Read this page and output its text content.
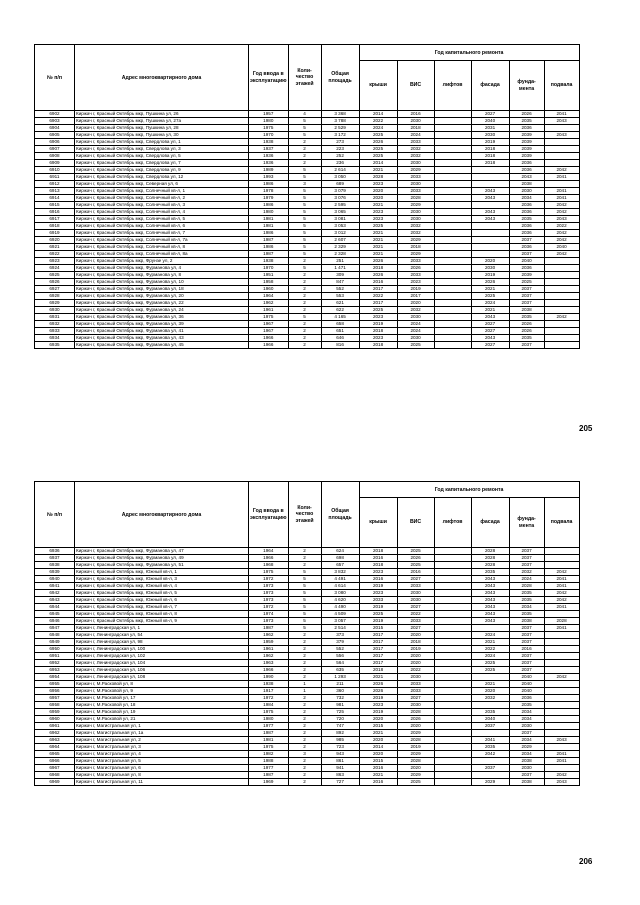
№ п/п	Адрес многоквартирного дома	Год ввода в эксплуатацию	Коли-чество этажей	Общая площадь	Год капитального ремонта					
					крыши	ВИС	лифтов	фасада	фунда-мента	подвала
6902	Киржач г, Красный Октябрь мкр, Пушкина ул, 26	1957	4	3 368	2014	2016		2027	2026	2041
6903	Киржач г, Красный Октябрь мкр, Пушкина ул, 27а	1980	5	3 788	2022	2030		2040	2035	2043
6904	Киржач г, Красный Октябрь мкр, Пушкина ул, 28	1975	5	2 529	2024	2018		2031	2036	
6905	Киржач г, Красный Октябрь мкр, Пушкина ул, 30	1970	5	3 172	2025	2024		2030	2039	2043
6906	Киржач г, Красный Октябрь мкр, Свердлова ул, 1	1938	2	273	2026	2033		2019	2039	
6907	Киржач г, Красный Октябрь мкр, Свердлова ул, 3	1937	2	223	2025	2032		2018	2039	
6908	Киржач г, Красный Октябрь мкр, Свердлова ул, 5	1936	2	252	2025	2032		2018	2039	
6909	Киржач г, Красный Октябрь мкр, Свердлова ул, 7	1936	2	236	2014	2030		2018	2036	
6910	Киржач г, Красный Октябрь мкр, Свердлова ул, 9	1989	5	2 614	2021	2029			2036	2042
6911	Киржач г, Красный Октябрь мкр, Свердлова ул, 12	1993	5	3 050	2028	2033			2043	2041
6912	Киржач г, Красный Октябрь мкр, Северная ул, 6	1986	3	689	2023	2030			2038	
6913	Киржач г, Красный Октябрь мкр, Солнечный кв-л, 1	1978	5	3 079	2020	2033		2043	2030	2041
6914	Киржач г, Красный Октябрь мкр, Солнечный кв-л, 2	1979	5	3 076	2020	2028		2043	2034	2041
6915	Киржач г, Красный Октябрь мкр, Солнечный кв-л, 3	1986	5	2 595	2021	2029			2036	2042
6916	Киржач г, Красный Октябрь мкр, Солнечный кв-л, 4	1980	5	3 065	2023	2030		2043	2036	2042
6917	Киржач г, Красный Октябрь мкр, Солнечный кв-л, 5	1981	5	3 081	2023	2030		2043	2035	2043
6918	Киржач г, Красный Октябрь мкр, Солнечный кв-л, 6	1981	5	3 053	2025	2032			2036	2022
6919	Киржач г, Красный Октябрь мкр, Солнечный кв-л, 7	1986	5	3 012	2021	2032			2036	2042
6920	Киржач г, Красный Октябрь мкр, Солнечный кв-л, 7а	1987	5	2 607	2021	2029			2037	2042
6921	Киржач г, Красный Октябрь мкр, Солнечный кв-л, 8	1986	5	2 329	2021	2018			2036	2040
6922	Киржач г, Красный Октябрь мкр, Солнечный кв-л, 8а	1987	5	2 328	2021	2029			2037	2042
6923	Киржач г, Красный Октябрь мкр, Фрунзе ул, 2	1938	2	251	2026	2033		2020	2040	
6924	Киржач г, Красный Октябрь мкр, Фурманова ул, 4	1970	5	1 471	2018	2026		2030	2036	
6925	Киржач г, Красный Октябрь мкр, Фурманова ул, 8	1951	2	309	2026	2033		2019	2039	
6926	Киржач г, Красный Октябрь мкр, Фурманова ул, 10	1958	2	847	2016	2023		2026	2025	
6927	Киржач г, Красный Октябрь мкр, Фурманова ул, 18	1960	2	552	2017	2019		2021	2037	
6928	Киржач г, Красный Октябрь мкр, Фурманова ул, 20	1964	2	553	2022	2017		2025	2037	
6929	Киржач г, Красный Октябрь мкр, Фурманова ул, 22	1962	2	621	2017	2020		2024	2037	
6930	Киржач г, Красный Октябрь мкр, Фурманова ул, 24	1961	2	622	2025	2032		2021	2038	
6931	Киржач г, Красный Октябрь мкр, Фурманова ул, 36	1975	5	4 165	2023	2030		2043	2035	2042
6932	Киржач г, Красный Октябрь мкр, Фурманова ул, 39	1967	2	658	2019	2024		2027	2026	
6933	Киржач г, Красный Октябрь мкр, Фурманова ул, 41	1967	2	651	2018	2024		2027	2026	
6934	Киржач г, Красный Октябрь мкр, Фурманова ул, 43	1966	2	646	2023	2030		2043	2035	
6935	Киржач г, Красный Октябрь мкр, Фурманова ул, 45	1966	2	816	2018	2025		2027	2037	
205
№ п/п	Адрес многоквартирного дома	Год ввода в эксплуатацию	Коли-чество этажей	Общая площадь	Год капитального ремонта					
					крыши	ВИС	лифтов	фасада	фунда-мента	подвала
6936	Киржач г, Красный Октябрь мкр, Фурманова ул, 47	1964	2	624	2018	2025		2028	2037	
6937	Киржач г, Красный Октябрь мкр, Фурманова ул, 49	1966	2	698	2016	2026		2028	2037	
6938	Киржач г, Красный Октябрь мкр, Фурманова ул, 51	1968	2	657	2018	2025		2028	2037	
6939	Киржач г, Красный Октябрь мкр, Южный кв-л, 1	1975	5	3 832	2023	2016		2035	2032	2042
6940	Киржач г, Красный Октябрь мкр, Южный кв-л, 3	1972	5	4 491	2016	2027		2043	2024	2041
6941	Киржач г, Красный Октябрь мкр, Южный кв-л, 4	1973	5	4 614	2019	2033		2043	2028	2041
6942	Киржач г, Красный Октябрь мкр, Южный кв-л, 5	1973	5	3 080	2023	2030		2043	2035	2042
6943	Киржач г, Красный Октябрь мкр, Южный кв-л, 6	1973	5	4 620	2033	2030		2043	2035	2042
6944	Киржач г, Красный Октябрь мкр, Южный кв-л, 7	1972	5	4 490	2019	2027		2043	2034	2041
6945	Киржач г, Красный Октябрь мкр, Южный кв-л, 8	1974	5	4 509	2025	2022		2043	2035	
6946	Киржач г, Красный Октябрь мкр, Южный кв-л, 9	1973	5	3 057	2019	2033		2043	2038	2028
6947	Киржач г, Ленинградская ул, 1	1987	5	2 514	2015	2027			2037	2041
6948	Киржач г, Ленинградская ул, 54	1962	2	373	2017	2020		2024	2037	
6949	Киржач г, Ленинградская ул, 98	1959	2	379	2017	2018		2021	2037	
6950	Киржач г, Ленинградская ул, 100	1961	2	552	2017	2019		2022	2016	
6951	Киржач г, Ленинградская ул, 102	1962	2	556	2017	2020		2024	2037	
6952	Киржач г, Ленинградская ул, 104	1963	2	564	2017	2020		2025	2037	
6953	Киржач г, Ленинградская ул, 106	1966	2	635	2018	2022		2025	2037	
6954	Киржач г, Ленинградская ул, 108	1990	2	1 293	2021	2030			2040	2042
6955	Киржач г, М.Расковой ул, 8	1938	1	211	2026	2033		2021	2040	
6956	Киржач г, М.Расковой ул, 9	1917	1	360	2026	2033		2020	2040	
6957	Киржач г, М.Расковой ул, 17	1972	2	732	2019	2027		2032	2036	
6958	Киржач г, М.Расковой ул, 18	1984	2	981	2023	2030			2035	
6959	Киржач г, М.Расковой ул, 19	1975	2	725	2019	2028		2035	2034	
6960	Киржач г, М.Расковой ул, 21	1980	2	720	2020	2026		2040	2034	
6961	Киржач г, Магистральная ул, 1	1977	2	747	2015	2020		2037	2030	
6962	Киржач г, Магистральная ул, 1а	1987	2	892	2021	2029			2037	
6963	Киржач г, Магистральная ул, 2	1981	2	985	2020	2028		2041	2034	2043
6964	Киржач г, Магистральная ул, 3	1975	2	723	2014	2019		2035	2029	
6965	Киржач г, Магистральная ул, 4	1982	3	943	2020	2029		2042	2034	2041
6966	Киржач г, Магистральная ул, 5	1988	2	861	2015	2028			2038	2041
6967	Киржач г, Магистральная ул, 6	1977	2	941	2016	2020		2037	2030	
6968	Киржач г, Магистральная ул, 8	1987	2	863	2021	2029			2037	2042
6969	Киржач г, Магистральная ул, 11	1969	2	727	2016	2025		2029	2038	2043
206
